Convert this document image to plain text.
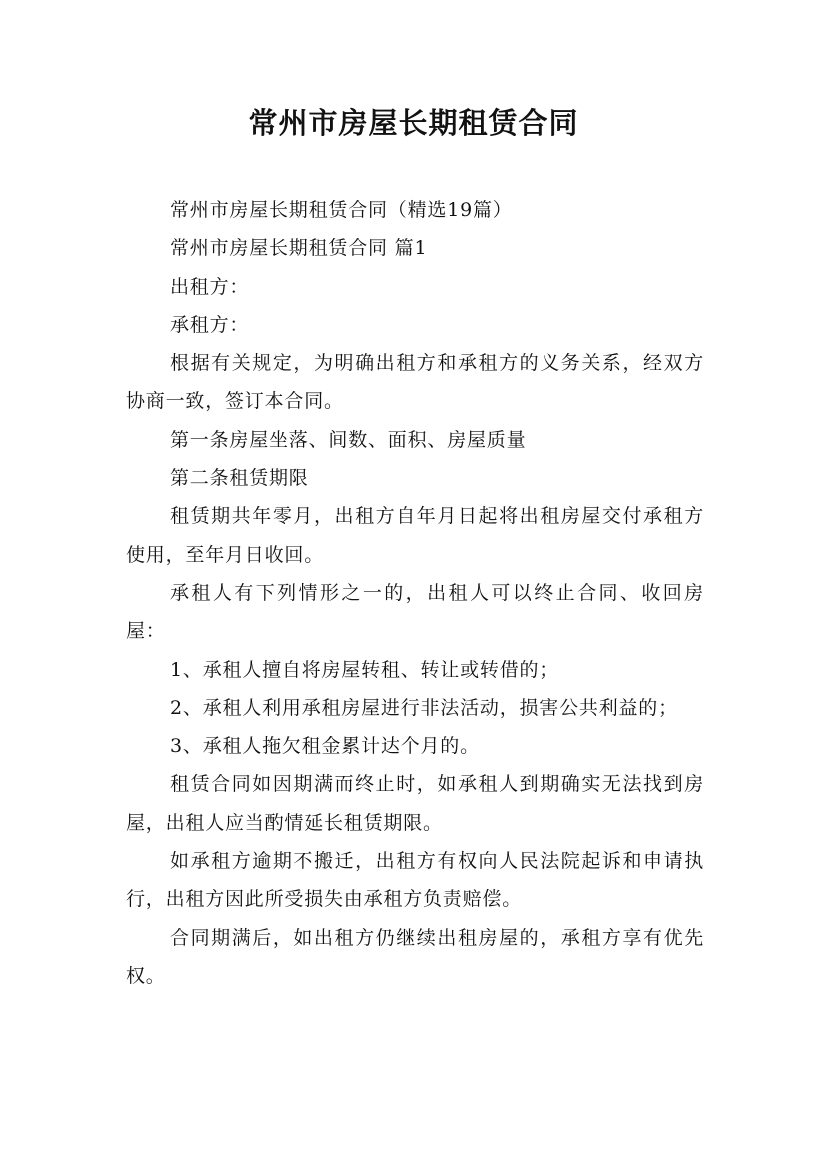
常州市房屋长期租赁合同

常州市房屋长期租赁合同（精选19篇）

常州市房屋长期租赁合同 篇1

出租方：

承租方：

根据有关规定，为明确出租方和承租方的义务关系，经双方协商一致，签订本合同。

第一条房屋坐落、间数、面积、房屋质量

第二条租赁期限

租赁期共年零月，出租方自年月日起将出租房屋交付承租方使用，至年月日收回。

承租人有下列情形之一的，出租人可以终止合同、收回房屋：

1、承租人擅自将房屋转租、转让或转借的；

2、承租人利用承租房屋进行非法活动，损害公共利益的；

3、承租人拖欠租金累计达个月的。

租赁合同如因期满而终止时，如承租人到期确实无法找到房屋，出租人应当酌情延长租赁期限。

如承租方逾期不搬迁，出租方有权向人民法院起诉和申请执行，出租方因此所受损失由承租方负责赔偿。

合同期满后，如出租方仍继续出租房屋的，承租方享有优先权。
